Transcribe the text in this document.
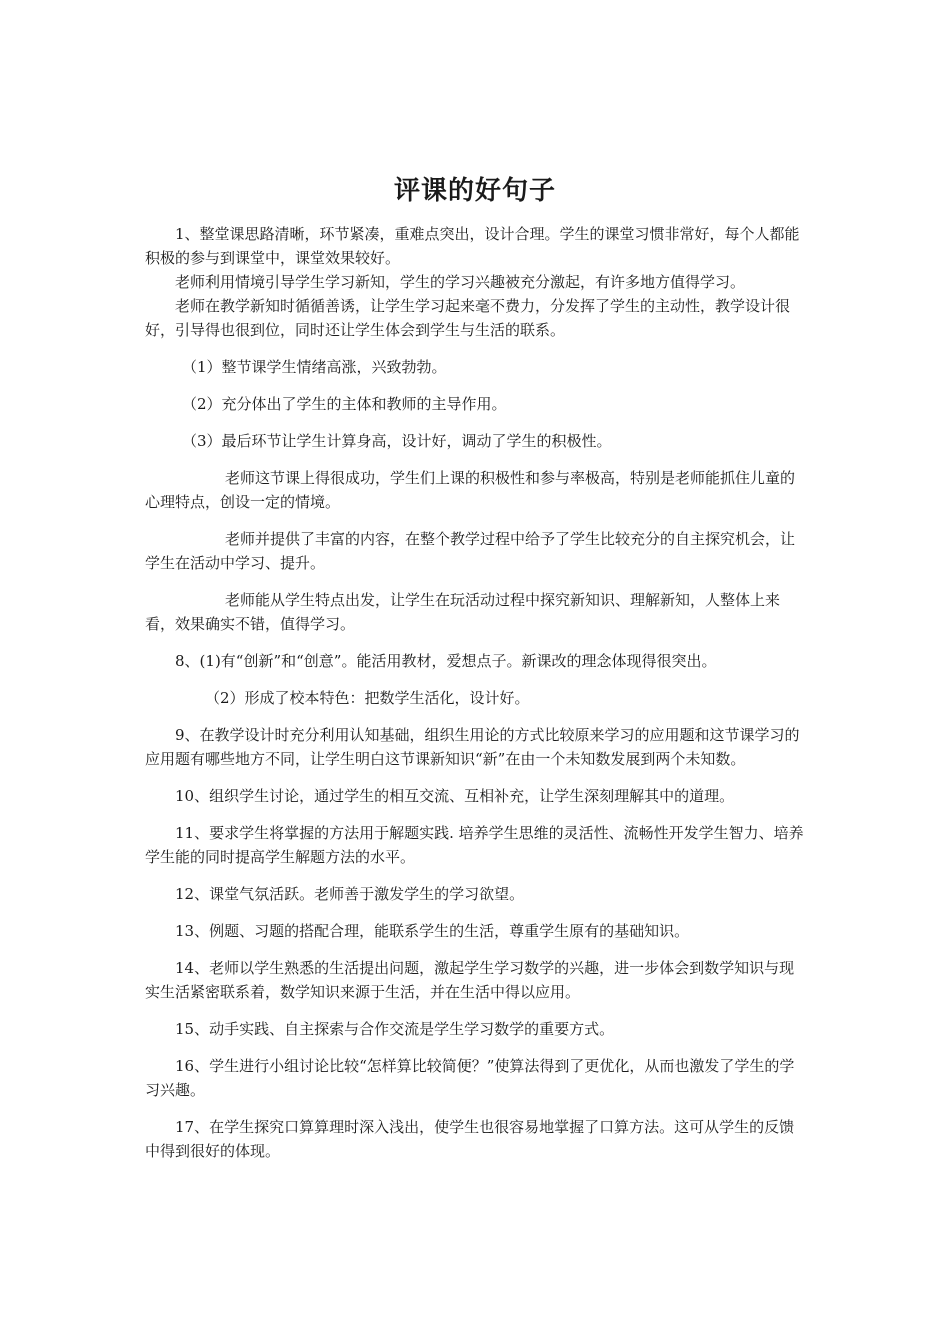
评课的好句子

1、整堂课思路清晰，环节紧凑，重难点突出，设计合理。学生的课堂习惯非常好，每个人都能积极的参与到课堂中，课堂效果较好。

老师利用情境引导学生学习新知，学生的学习兴趣被充分激起，有许多地方值得学习。

老师在教学新知时循循善诱，让学生学习起来毫不费力，分发挥了学生的主动性，教学设计很好，引导得也很到位，同时还让学生体会到学生与生活的联系。

（1）整节课学生情绪高涨，兴致勃勃。

（2）充分体出了学生的主体和教师的主导作用。

（3）最后环节让学生计算身高，设计好，调动了学生的积极性。

老师这节课上得很成功，学生们上课的积极性和参与率极高，特别是老师能抓住儿童的心理特点，创设一定的情境。

老师并提供了丰富的内容，在整个教学过程中给予了学生比较充分的自主探究机会，让学生在活动中学习、提升。

老师能从学生特点出发，让学生在玩活动过程中探究新知识、理解新知，人整体上来看，效果确实不错，值得学习。

8、(1)有“创新”和“创意”。能活用教材，爱想点子。新课改的理念体现得很突出。

（2）形成了校本特色：把数学生活化，设计好。

9、在教学设计时充分利用认知基础，组织生用论的方式比较原来学习的应用题和这节课学习的应用题有哪些地方不同，让学生明白这节课新知识“新”在由一个未知数发展到两个未知数。

10、组织学生讨论，通过学生的相互交流、互相补充，让学生深刻理解其中的道理。

11、要求学生将掌握的方法用于解题实践. 培养学生思维的灵活性、流畅性开发学生智力、培养学生能的同时提高学生解题方法的水平。

12、课堂气氛活跃。老师善于激发学生的学习欲望。

13、例题、习题的搭配合理，能联系学生的生活，尊重学生原有的基础知识。

14、老师以学生熟悉的生活提出问题，激起学生学习数学的兴趣，进一步体会到数学知识与现实生活紧密联系着，数学知识来源于生活，并在生活中得以应用。

15、动手实践、自主探索与合作交流是学生学习数学的重要方式。

16、学生进行小组讨论比较“怎样算比较简便？”使算法得到了更优化，从而也激发了学生的学习兴趣。

17、在学生探究口算算理时深入浅出，使学生也很容易地掌握了口算方法。这可从学生的反馈中得到很好的体现。
